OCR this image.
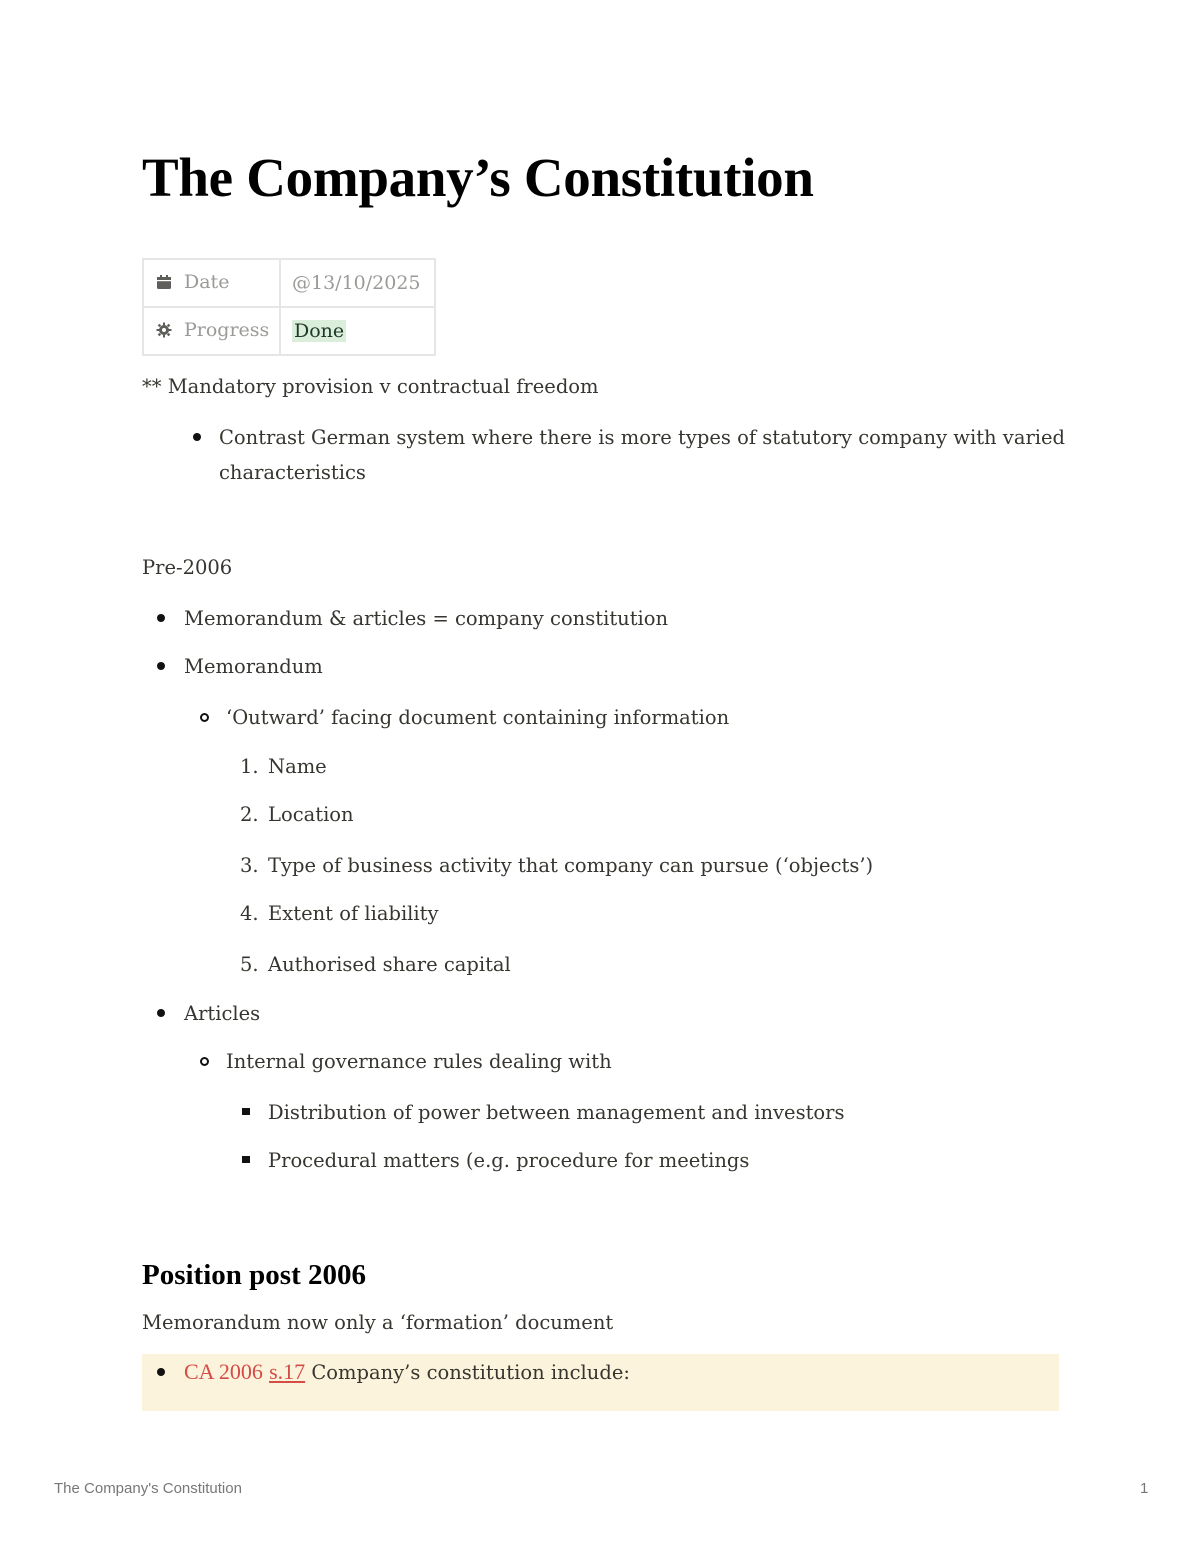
The Company’s Constitution
Date	@13/10/2025
Progress	Done
** Mandatory provision v contractual freedom
Contrast German system where there is more types of statutory company with varied
characteristics
Pre-2006
Memorandum & articles = company constitution
Memorandum
‘Outward’ facing document containing information
1. Name
2. Location
3. Type of business activity that company can pursue (‘objects’)
4. Extent of liability
5. Authorised share capital
Articles
Internal governance rules dealing with
Distribution of power between management and investors
Procedural matters (e.g. procedure for meetings
Position post 2006
Memorandum now only a ‘formation’ document
CA 2006 s.17 Company’s constitution include:
The Company's Constitution	1
